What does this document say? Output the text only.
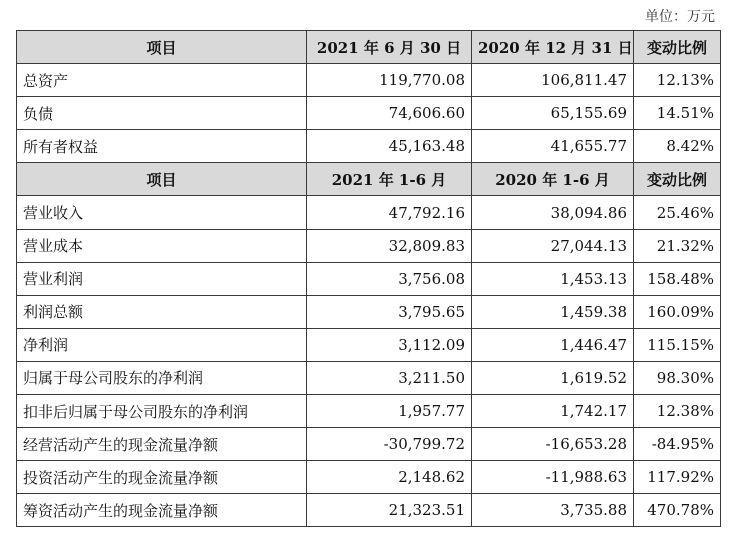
单位：万元
项目	2021 年 6 月 30 日	2020 年 12 月 31 日	变动比例
总资产	119,770.08	106,811.47	12.13%
负债	74,606.60	65,155.69	14.51%
所有者权益	45,163.48	41,655.77	8.42%
项目	2021 年 1-6 月	2020 年 1-6 月	变动比例
营业收入	47,792.16	38,094.86	25.46%
营业成本	32,809.83	27,044.13	21.32%
营业利润	3,756.08	1,453.13	158.48%
利润总额	3,795.65	1,459.38	160.09%
净利润	3,112.09	1,446.47	115.15%
归属于母公司股东的净利润	3,211.50	1,619.52	98.30%
扣非后归属于母公司股东的净利润	1,957.77	1,742.17	12.38%
经营活动产生的现金流量净额	-30,799.72	-16,653.28	-84.95%
投资活动产生的现金流量净额	2,148.62	-11,988.63	117.92%
筹资活动产生的现金流量净额	21,323.51	3,735.88	470.78%
